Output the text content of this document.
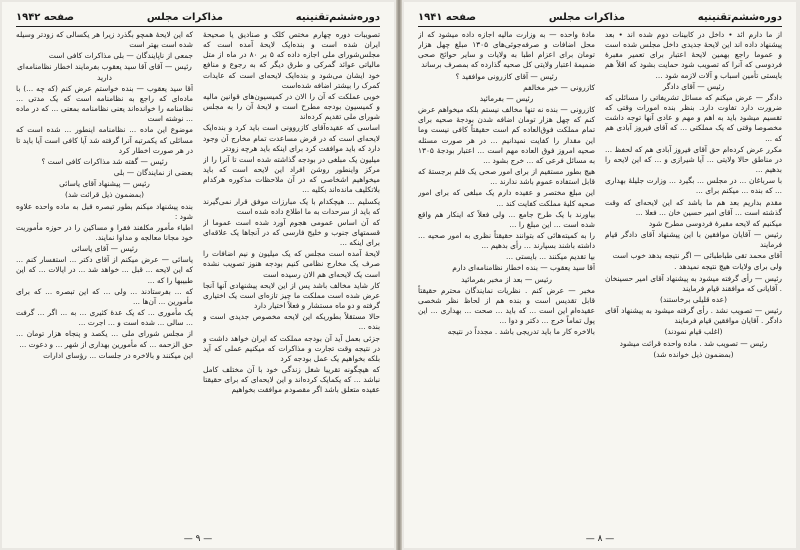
دوره‌ششم‌تقنینیه
مذاکرات مجلس
صفحه ۱۹۴۲

تصویبات دوره چهارم مختص کلک و صنادیق یا صحیحهٔ ایران شده است و بنده‌ایک لایحهٔ آمده است که مجلس‌شورای ملی اجازه داده که ۵ بر ۸۰ در ماه از متل مالیاتی عوائد گمرکی و طرق دیگر که به رجوع و منافع خود ایشان می‌شود و بنده‌ایک لایحه‌ای است که عایدات کمرک را بیشتر اضافه شده‌است

خوبی عملکت که آن را الان در کمیسیون‌های قوانین مالیه و کمیسیون بودجه مطرح است و لایحهٔ آن را به مجلس شورای ملی تقدیم کرده‌اند

اساسی که عقیده‌آقای کازروونی است باید کرد و بنده‌ایک لایحه‌ای است که در قرض مساعدت تمام مخارج آن وجود دارد که باید موافقت کرد برای اینکه باید هرچه زودتر

میلیون یک مبلغی در بودجه گذاشته شده است تا آنرا را از مرکز واینطور روشن افراد این لایحه است که باید میخواهیم اشخاصی که در آن ملاحظات مذکوره هرکدام بلاتکلیف مانده‌اند بکلیه ...

یکسلیم ... هیچکدام با یک مبارزات موفق قرار نمی‌گیرند که باید از سرحدات به ما اطلاع داده شده است

که آن اساس عمومی هجوم آورد شده است عموما از قسمتهای جنوب و خلیج فارسی که در آنجاها یک علاقه‌ای برای اینکه ...

لایحهٔ آمده است مجلس که یک میلیون و نیم اضافات را صرف یک مخارج نظامی کنیم بودجه هنوز تصویب نشده است یک لایحه‌ای هم الان رسیده است

کار شاید مخالف باشد پس از این لایحه پیشنهادی آنها آنجا عرض شده است مملکت ما چیز تازه‌ای است یک اختیاری گرفته و دو ماه مستشار و فعلاً اختیار دارد

حالا مستقلاً بطوریکه این لایحه مخصوص جدیدی است و بنده ...

جزئی بعمل آید آن بودجه مملکت که ایران خواهد داشت و در نتیجه وقت تجارت و مذاکرات که میکنیم عملی که آید بلکه بخواهیم یک عمل بودجه کرد

که هیچگونه تقریبا شغل زندگی خود با آن مختلف کامل نباشد ... که یکمایک کرده‌اند و این لایحه‌ای که برای حقیقتا عقیده متعلق باشد اگر مقصودم موافقت بخواهیم

که این لایحهٔ همچو بگذرد زیرا هر یکسالی که زودتر وسیله شده است بهتر است

جمعی از ناپایندگان — بلی مذاکرات کافی است

رئیس — آقای آقا سید یعقوب بفرمایند اخطار نظامنامه‌ای دارید

آقا سید یعقوب — بنده خواستم عرض کنم (که چه ...) با ماده‌ای که راجع به نظامنامه است که یک مدتی ... نظامنامه را خوانده‌اند یعنی نظامنامه بمعنی ... که در ماده ... نوشته است

موضوع این ماده ... نظامنامه اینطور ... شده است که مسائلی که یکمرتبه آنرا گرفته شد آیا کافی است آیا باید تا در هر صورت اخطار کرد

رئیس — گفته شد مذاکرات کافی است ؟

بعضی از نمایندگان — بلی

رئیس — پیشنهاد آقای یاسائی

(بمضمون ذیل قرائت شد)

بنده پیشنهاد میکنم بطور تبصره قبل به ماده واحده علاوه شود :

اطباء مأمور مکلفند فقرا و مساکین را در حوزه مأموریت خود مجانا معالجه و مداوا نمایند.

رئیس — آقای یاسائی

یاسائی — عرض میکنم از آقای دکتر ... استفسار کنم ... که این لایحه ... قبل ... خواهد شد ... در ایالات ... که این طبیبها را که ...

که ... بفرستادند ... ولی ... که این تبصره ... که برای مأمورین ... آن‌ها ...

یک مأموری ... که یک عدهٔ کثیری ... به ... اگر ... گرفت ... سالی ... شده است و ... اجرت ...

از مجلس شورای ملی ... یکصد و پنجاه هزار تومان ... حق الزحمه ... که مأمورین بهداری از شهر ... و دعوت ...

این میکنند و بالاخره در جلسات ... رؤسای ادارات

— ۹ —
دوره‌ششم‌تقنینیه
مذاکرات مجلس
صفحه ۱۹۴۱

از ما دارم ائد • داخل در کابینات دوم شده اند • بعد پیشنهاد داده اند این لایحهٔ جدیدی داخل مجلس شده است و عموما راجع بهمین لایحهٔ اعتبار برای تعمیر مقبرهٔ فردوسی که آنرا که تصویب شود حمایت بشود که اقلاً هم بایستی تأمین اسباب و آلات لازمه شود ...

رئیس — آقای دادگر

دادگر — عرض میکنم که مسائل تشریفاتی را مسائلی که ضرورت دارد تفاوت دارد. بنظر بنده امورات وقتی که تقسیم میشود باید به اهم و مهم و عادی آنها توجه داشت مخصوصا وقتی که یک مملکتی ... که آقای فیروز آبادی هم که ...

مکرر عرض کرده‌ام حق آقای فیروز آبادی هم که لحفظ ... در مناطق حالا ولایتی ... آیا شیرازی و ... که این لایحه را بدهیم ...

با سرباغان ... در مجلس ... بگیرد ... وزارت جلیلهٔ بهداری ... که بنده ... میکنم برای ...

مقدم بداریم بعد هم ما باشد که این لایحه‌ای که وقت گذشته است ... آقای امیر حسین خان ... فعلا ...

میکنیم که لایحه مقبرهٔ فردوسی مطرح شود

رئیس — آقایان موافقین با این پیشنهاد آقای دادگر قیام فرمایند

آقای محمد تقی طباطبائی — اگر نتیجه بدهد خوب است

ولی برای ولایات هیچ نتیجه نمیدهد .

رئیس — رأی گرفته میشود به پیشنهاد آقای امیر حسینخان . آقایانی که موافقند قیام فرمایند

(عده قلیلی برخاستند)

رئیس — تصویب نشد . رأی گرفته میشود به پیشنهاد آقای دادگر . آقایان موافقین قیام فرمایند

(اغلب قیام نمودند)

رئیس — تصویب شد . ماده واحده قرائت میشود

(بمضمون ذیل خوانده شد)

مادهٔ واحده — به وزارت مالیه اجازه داده میشود که از محل اضافات و صرفه‌جوئی‌های ۱۳۰۵ مبلغ چهل هزار تومان برای اعزام اطبا به ولایات و سایر حوائج صحی ضمیمهٔ اعتبار ولایتی کل صحیه گذارده که بمصرف برساند

رئیس — آقای کازرونی موافقید ؟

کازرونی — خیر مخالفم

رئیس — بفرمائید

کازرونی — بنده نه تنها مخالف نیستم بلکه میخواهم عرض کنم که چهل هزار تومان اضافه شدن بودجهٔ صحیه برای تمام مملکت فوق‌العاده کم است حقیقتاً کافی نیست وما این مقدار را کفایت نمیدانیم ... در هر صورت مسئله صحیه امروز فوق العاده مهم است ... اعتبار بودجهٔ ۱۳۰۵ به مسائل فرعی که ... خرج بشود ...

هیچ بطور مستقیم از برای امور صحی یک قلم برجستهٔ که قابل استفاده عموم باشد ندارند ...

این مبلغ مختصر و عقیده دارم یک مبلغی که برای امور صحیه کلیهٔ مملکت کفایت کند ...

بیاورند با یک طرح جامع ... ولی فعلاً که اینکار هم واقع شده است ... این مبلغ را ...

را به کمیته‌هائی که بتوانند حقیقتاً نظری به امور صحیه ... داشته باشند بسپارند ... رأی بدهیم ...

بیا تقدیم میکنند ... بایستی ...

آقا سید یعقوب — بنده اخطار نظامنامه‌ای دارم

رئیس — بعد از مخبر بفرمائید

مخبر — عرض کنم . نظریات نمایندگان محترم حقیقتاً قابل تقدیس است و بنده هم از لحاظ نظر شخصی عقیده‌ام این است ... که باید ... صحت ... بهداری ... این پول تماماً خرج ... دکتر و دوا ...

بالاخره کار ما باید تدریجی باشد . مجدداً در نتیجه

— ۸ —
